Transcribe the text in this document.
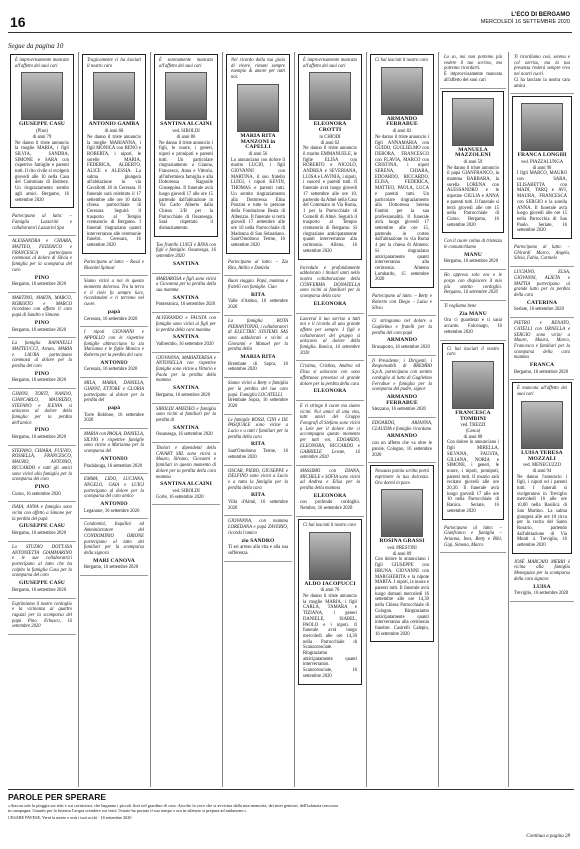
16	L'ECO DI BERGAMO
MERCOLEDÌ 16 SETTEMBRE 2020
Segue da pagina 10
È improvvisamente mancato all'affetto dei suoi cari
GIUSEPPE CASU
(Pino)
di anni 79
Ne danno il triste annuncio la moglie MARIA, i figli SILVIA, SANDRA, SIMONE e SARA con rispettive famiglie e parenti tutti. Il rito civile si svolgerà giovedì alle 10 nella Casa del Commiato di Boltiere. Un ringraziamento sentito agli amici. Bergamo, 16 settembre 2020
Partecipano al lutto: – Famiglia Lazzarini e collaboratori Lazzarini Spa
ALESSANDRA e CHIARA, MATTEO, FEDERICO e FRANCESCA partecipano commossi al dolore di Silvia e famiglia per la scomparsa del caro
PINO
Bergamo, 16 settembre 2020
MARTINO, MARTA, MARCO, ROBERTO e MARCO ricordano con affetto il caro papà di Sandro e Simone.
PINO
Bergamo, 16 settembre 2020
La famiglia RAFANELLI MATTEUCCI, Arturo, MARIA e LAURA partecipano commossi al dolore per la perdita del caro
PINO
Bergamo, 16 settembre 2020
GIANNI, TORTI, NANDO, GIANCARLO, MAURIZIO, STEFANO e ILENIA si uniscono al dolore della famiglia per la perdita dell'amico
PINO
Bergamo, 16 settembre 2020
STEFANO, CHIARA, FULVIO, ROSSELLA, FRANCESCO, MAURO, ANTONIO, RICCARDO e tutti gli amici sono vicini alla famiglia per la scomparsa del caro
PINO
Curno, 16 settembre 2020
ISAIA, ANNA e famiglia sono vicini con affetto a Simone per la perdita del papà
GIUSEPPE CASU
Bergamo, 16 settembre 2020
Lo STUDIO DOTT.SSA ANTONIETTA GIAMMARINO e le sue collaboratrici partecipano al lutto che ha colpito la famiglia Casu per la scomparsa del caro
GIUSEPPE CASU
Bergamo, 16 settembre 2020
Esprimiamo il nostro cordoglio e la vicinanza ai quattro ragazzi per la scomparsa del papà Pino. Erbusco, 16 settembre 2020
Tragicamente ci ha lasciati il nostro caro
ANTONIO GAMBA
di anni 68
Ne danno il triste annuncio la moglie MARIANNA, i figli MONICA con RENO e ROBERTA, i nipoti, le sorelle MARIA, FEDERICA, ALBERTO, ALICE e ALESSIA. La salma giungerà all'abitazione in via Cavallotti 18 in Ceresara. Il funerale sarà celebrato il 17 settembre alle ore 10 dalla chiesa parrocchiale di Ceresara. Seguirà il trasporto al Tempio crematorio di Bergamo. I funerali ringraziano quanti interverranno alle ceremonie funebri. Ceresara, 16 settembre 2020
Partecipano al lutto: – Rossi e Bisonini Spinosi
Siamo vicini a noi in questo momento doloroso. Tra la terra e il cielo fa sempre luce, ricordandoti e ti terremo nel cuore.
papà
Ceresara, 16 settembre 2020
I nipoti GIOVANNI e APPOLLO con le rispettive famiglie abbracciano la zia Marianna e le figlie Monica e Roberta per la perdita del caro
ANTONIO
Ceresara, 16 settembre 2020
MILA, MARIA, DANIELA, GIANNI, ETTORE e GLORIA partecipano al dolore per la perdita del
papà
Torre Boldone, 16 settembre 2020
MARIA con PAOLA, DANIELA, SILVIO e rispettive famiglie sono vicine a Marianna per la scomparsa del
ANTONIO
Pradalunga, 16 settembre 2020
EMMA, LIDO, LUCIANA, ANGELO, GAIA e LUIGI partecipano al dolore per la scomparsa del caro amico
ANTONIO
Leganone, 16 settembre 2020
Condomini, Inquilini ed Amministratore del CONDOMINIO ORIONE partecipano al lutto dei familiari per la scomparsa della signora
MARI CANOVA
Bergamo, 16 settembre 2020
È serenamente mancata all'affetto dei suoi cari
SANTINA ALCAINI
ved. SIBOLDI
di anni 86
Ne danno il triste annuncio i figli, le nuore, i generi, nipoti e pronipoti e parenti tutti. Un particolare ringraziamento a Gianna, Francesco, Anna e Vittoria, all'infermiera famiglia e alla Dottoressa Ragnolle Giuseppina. Il funerale avrà luogo giovedì 17 alle ore 15 partendo dall'abitazione in Via Carlo Alberto dalla Chiesa 2/B per la Parrocchiale di Ossanesga. Sarà rispettato il distanziamento.
Tuo fratello LUIGI e RINA con figli e famiglie. Ossanesga, 16 settembre 2020
SANTINA
MARIAROSA e figli sono vicini a Giovanna per la perdita della sua mamma
SANTINA
Ponteranica, 16 settembre 2020
ALVERANDO e FAUSTA con famiglie sono vicini ai figli per la perdita della cara mamma
SANTINA
Valbrembo, 16 settembre 2020
GIOVANNA, MARIATERESA e ANTONELLA con rispettive famiglie sono vicine a Vittorio e Paola per la perdita della mamma
SANTINA
Bergamo, 16 settembre 2020
SIBOLDI AMEDEO e famiglia sono vicini ai familiari per la perdita di
SANTINA
Ossanesga, 16 settembre 2020
Titolari e dipendenti della CAVART SRL sono vicini a Mauro, Silvano, Giovanni e familiari in questo momento di dolore per la perdita della cara mamma
SANTINA ALCAINI
ved. SIBOLDI
Gorle, 16 settembre 2020
Nel ricordo della tua gioia di vivere, rimani sempre esempio di amore per tutti noi.
MARIA RITA MANZONI in CAPELLI
di anni 56
Lo annunciano con dolore il marito LUCIO, i figli GIOVANNI con MARTINA, il suo fratello LUIGI, i nipoti KEVIN, THOMAS e parenti tutti. Un sentito ringraziamento alla Dottoressa Elisa Ponzini e tutte le persone della Fondazione Beata di Albenzio. Il funerale si terrà giovedì 17 settembre alle ore 10 nella Parrocchiale di Madonna di San Sebastiano. Sant'Omobono Terme, 16 settembre 2020
Partecipano al lutto: – Zia Rita, Attilio e Daniela
Buon viaggio. Papà, mamma e fratelli con famiglie. Ciao
RITA
Valle d'Astino, 16 settembre 2020
La famiglia BOTA PIERANTONIO, i collaboratori di ELECTRIC SYSTEMS SAS sono addolorati e vicini a Giovanni e Manuel per la perdita della
MARIA RITA
Brembate di Sopra, 16 settembre 2020
Siamo vicini a Betty e famiglia per la perdita del tuo caro papà. Famiglia LOCATELLI
Brembate Sopra, 16 settembre 2020
Le famiglie BOSSI, CINI e DE PASQUALE sono vicine a Lucio e a tutti i familiari per la perdita della cara
RITA
Sant'Omobono Terme, 16 settembre 2020
OSCAR, PIERO, GIUSEPPE e DELFINO sono vicini a Lucio e a tutta la famiglia per la perdita della cara
RITA
Villa d'Almè, 16 settembre 2020
GIOVANNA, con mamma LOREDANA e papà ZAVERIO, ricorda l'amico
zio SANDRO
Ti sei arreso alla vita e alla sua sofferenza.
È improvvisamente mancata all'affetto dei suoi cari
ELEONORA CROTTI
in CHIODI
di anni 62
Ne danno il triste annuncio il marito EMMANUELE, le figlie ELISA con ROBERTO e NICOLÒ, ANDREA e SEVERIANA, LUISA e LAVINIA, i nipoti, i suoceri e parenti tutti. Il funerale avrà luogo giovedì 17 settembre alle ore 10, partendo da Almè nella Casa del Commiato in Via Roma, 1 per la Parrocchiale di Cornelli di Almè. Seguirà il trasporto al Tempio crematorio di Bergamo. Si ringraziano anticipatamente quanti interverranno alla cerimonia. Albino, 16 settembre 2020
Incredulo e profondamente addolorato i titolari uniti nello nostra collaborazione della CONFERMA DONATELLA sono vicini ai familiari per la scomparsa della cara
ELEONORA
Lascerai il tuo sorriso a tutti noi e il ricordo di una grande affetto per sempre. I figli e collaboratori del gruppo si uniscono al dolore della famiglia. Ranica, 16 settembre 2020
Cristina, Cristina, Andrea ed Elisa si uniscono con sono affettuosa presenza al grande dolore per la perdita della cara
ELEONORA
E vi stringe il cuore ma siamo vicini. Noi amici di una vita, tutti amici del Gruppo Fotografi di Stefano sono vicini a Lele per il dolore che ci accompagna questo momento per tutti voi, EDOARDO, ELEONORA, RICCARDO e GABRIELE Levate, 16 settembre 2020
MASSIMO con DIANA, MICHELE e SOFIA sono vicini ad Andrea e Elisa per la perdita della mamma
ELEONORA
con profondo cordoglio. Nembro, 16 settembre 2020
Ci hai lasciati il nostro caro
ALDO IACOPUCCI
di anni 70
Ne danno il triste annuncio la moglie MARIA, i figli CARLA, TAMARA e TIZIANA, i generi DANIELE, ISABEL, PAOLO e i nipoti. Il funerale avrà luogo mercoledì alle ore 14,30 nella Parrocchiale di Scanzorosciate. Ringraziamo anticipatamente quanti interverranno. Scanzorosciate, 16 settembre 2020
Ci hai lasciati il nostro caro
ARMANDO FERRABUE
di anni 82
Ne danno il triste annuncio i figli ANNAMARIA con GUIDO, GUGLIELMO con DEBORA, FRANCESCO con FLAVIA, MARCO con CRISTINA, i nipoti SERENA, CHIARA, EDOARDO, RICCARDO, ELISA, FEDERICA, MATTEO, PAOLA, LUCA e parenti tutti. Un particolare ringraziamento alla Dottoressa Serena Fantini per la sua professionalità. Il funerale avrà luogo giovedì 17 settembre alle ore 15, partendo in corteo dall'abitazione in via Roma 4 per la chiesa di Almeno. Si ringraziano anticipatamente quanti interverranno alla cerimonia. Almeno Lombardo, 15 settembre 2020
Partecipano al lutto: – Betty e Roberto con Diego – Luisa e Silvia
Ci stringiamo nel dolore a Guglielmo e fratelli per la perdita del caro papà
ARMANDO
Brusaporto, 16 settembre 2020
Il Presidente, i Dirigenti, i Responsabili di BREMBO S.p.A. partecipano con sentito cordoglio al lutto di Guglielmo Ferrabue e famiglia per la scomparsa del padre, signor
ARMANDO FERRABUE
Stezzano, 16 settembre 2020
EDOARDO, ARIANNA, CLAUDIA e famiglie ricordano
ARMANDO
con un affetto che va oltre le parole. Cologno, 16 settembre 2020
Nessuna parola scritta potrà esprimere la tua dolcezza. Ora dormi in pace.
ROSINA GRASSI
ved. PRESTINI
di anni 89
Con dolore lo annunciano i figli GIUSEPPE con BRUNA, GIOVANNI con MARGHERITA e la nipote MARTA. I nipoti, la nuora e parenti tutti. Il funerale avrà luogo domani mercoledì 16 settembre alle ore 14,30 nella Chiesa Parrocchiale di Cologno. Ringraziamo anticipatamente quanti interverranno alla cerimonia funebre. Casirelli Calepio, 16 settembre 2020
Lo so, noi non potremo più vedere il tuo sorriso, ma potremo ricordarti.
È improvvisamente mancata all'affetto dei suoi cari
MANUELA MAZZOLENI
di anni 59
Ne danno il triste annuncio il papà GIANFRANCO, la mamma BARBARA, la sorella LORENA con ALESSANDRO e le nipotine GIULIA e ANNA e parenti tutti. Il funerale si terrà giovedì alle ore 15 nella Parrocchiale di Curno. Bergamo, 16 settembre 2020
Con il cuore colmo di tristezza le comunichiamo
MANU
Bergamo, 16 settembre 2020
Ho appreso solo ora e le porgo con dispiacere il mio più sentito cordoglio. Bergamo, 16 settembre 2020
Ti vogliamo bene
Zia MANU
Ora ci guarderai e ti sarai accanto. Falconago, 16 settembre 2020
Ci hai lasciati il nostro caro
FRANCESCA TOMBINI
ved. TREZZI
(Cesca)
di anni 88
Con dolore lo annunciano i figli MIRELLA, SILVANA, FAUSTA, GILIANA, NORIA e SIMONE, i generi, le nuore, i nipoti, pronipoti, parenti tutti. Il rosario sarà recitato giovedì alle ore 20,30. Il funerale avrà luogo giovedì 17 alle ore 10 nella Parrocchiale di Ranica. Seriate, 16 settembre 2020
Partecipano al lutto: – Gianfranco e famiglia – Arianna, Ines, Betty e Bibi, Gigi, Simona, Marco
Ti ricordiamo così, serena e col sorriso, ma la tua presenza resterà sempre viva nei nostri cuori.
Ci ha lasciato la nostra cara amica
FRANCA LONGHI
ved. PIAZZALUNGA
di anni 90
I figli MARCO, MAURO con SARA, ELISABETTA con MADI, TARQ e AVI, MAURA, FRANCESCA con SERGIO e la sorella ANNA. Il funerale avrà luogo giovedì alle ore 15 nella Parrocchia di San Paolo. Seriate, 16 settembre 2020
Partecipano al lutto: – Ghirardi Marco, Angela, Silvia, Fabio, Carmelo
LUCIANO, ELSA, GIOVANNI, ALIETA e MATTIA partecipano al grande lutto per la perdita della cara
CATERINA
Seriate, 16 settembre 2020
PIETRO e RENATO, CATELLI con ORNELLA e SERGIO sono vicini a Mauro, Maura, Marco, Francesca e familiari per la scomparsa della cara mamma
FRANCA
Bergamo, 16 settembre 2020
È mancata all'affetto dei suoi cari
LUISA TERESA MOZZALI
ved. MENEGUZZO
di anni 94
Ne danno l'annuncio i figli, i nipoti ed i parenti tutti. I funerali si svolgeranno in Treviglio mercoledì 16 alle ore 10,00 nella Basilica di San Martino. La salma giungerà alle ore 10 circa per la recita del Santo Rosario, partendo dall'abitazione di Via Monti 4. Treviglio, 16 settembre 2020
JOSÈ MARCAIO MERRI è vicina alla famiglia Meneguzzo per la scomparsa della cara signora
LUISA
Treviglio, 16 settembre 2020
PAROLE PER SPERARE
«Ancora odo la pioggia sui tetti e sui cornicioni, che bagnano i piccoli fiori nel giardino di casa. Ascolto la voce che si avvicina dalla mia memoria, dei miei genitori, dell'infanzia trascorsa in campagna. Guardo per la finestra l'acqua scendere sui vetri: l'estate ha portato il suo tempo e ora in silenzio si prepara ad andarsene.»
CESARE PAVESE, Verrà la morte e avrà i tuoi occhi · 16 settembre 2020
Continua a pagina 28
